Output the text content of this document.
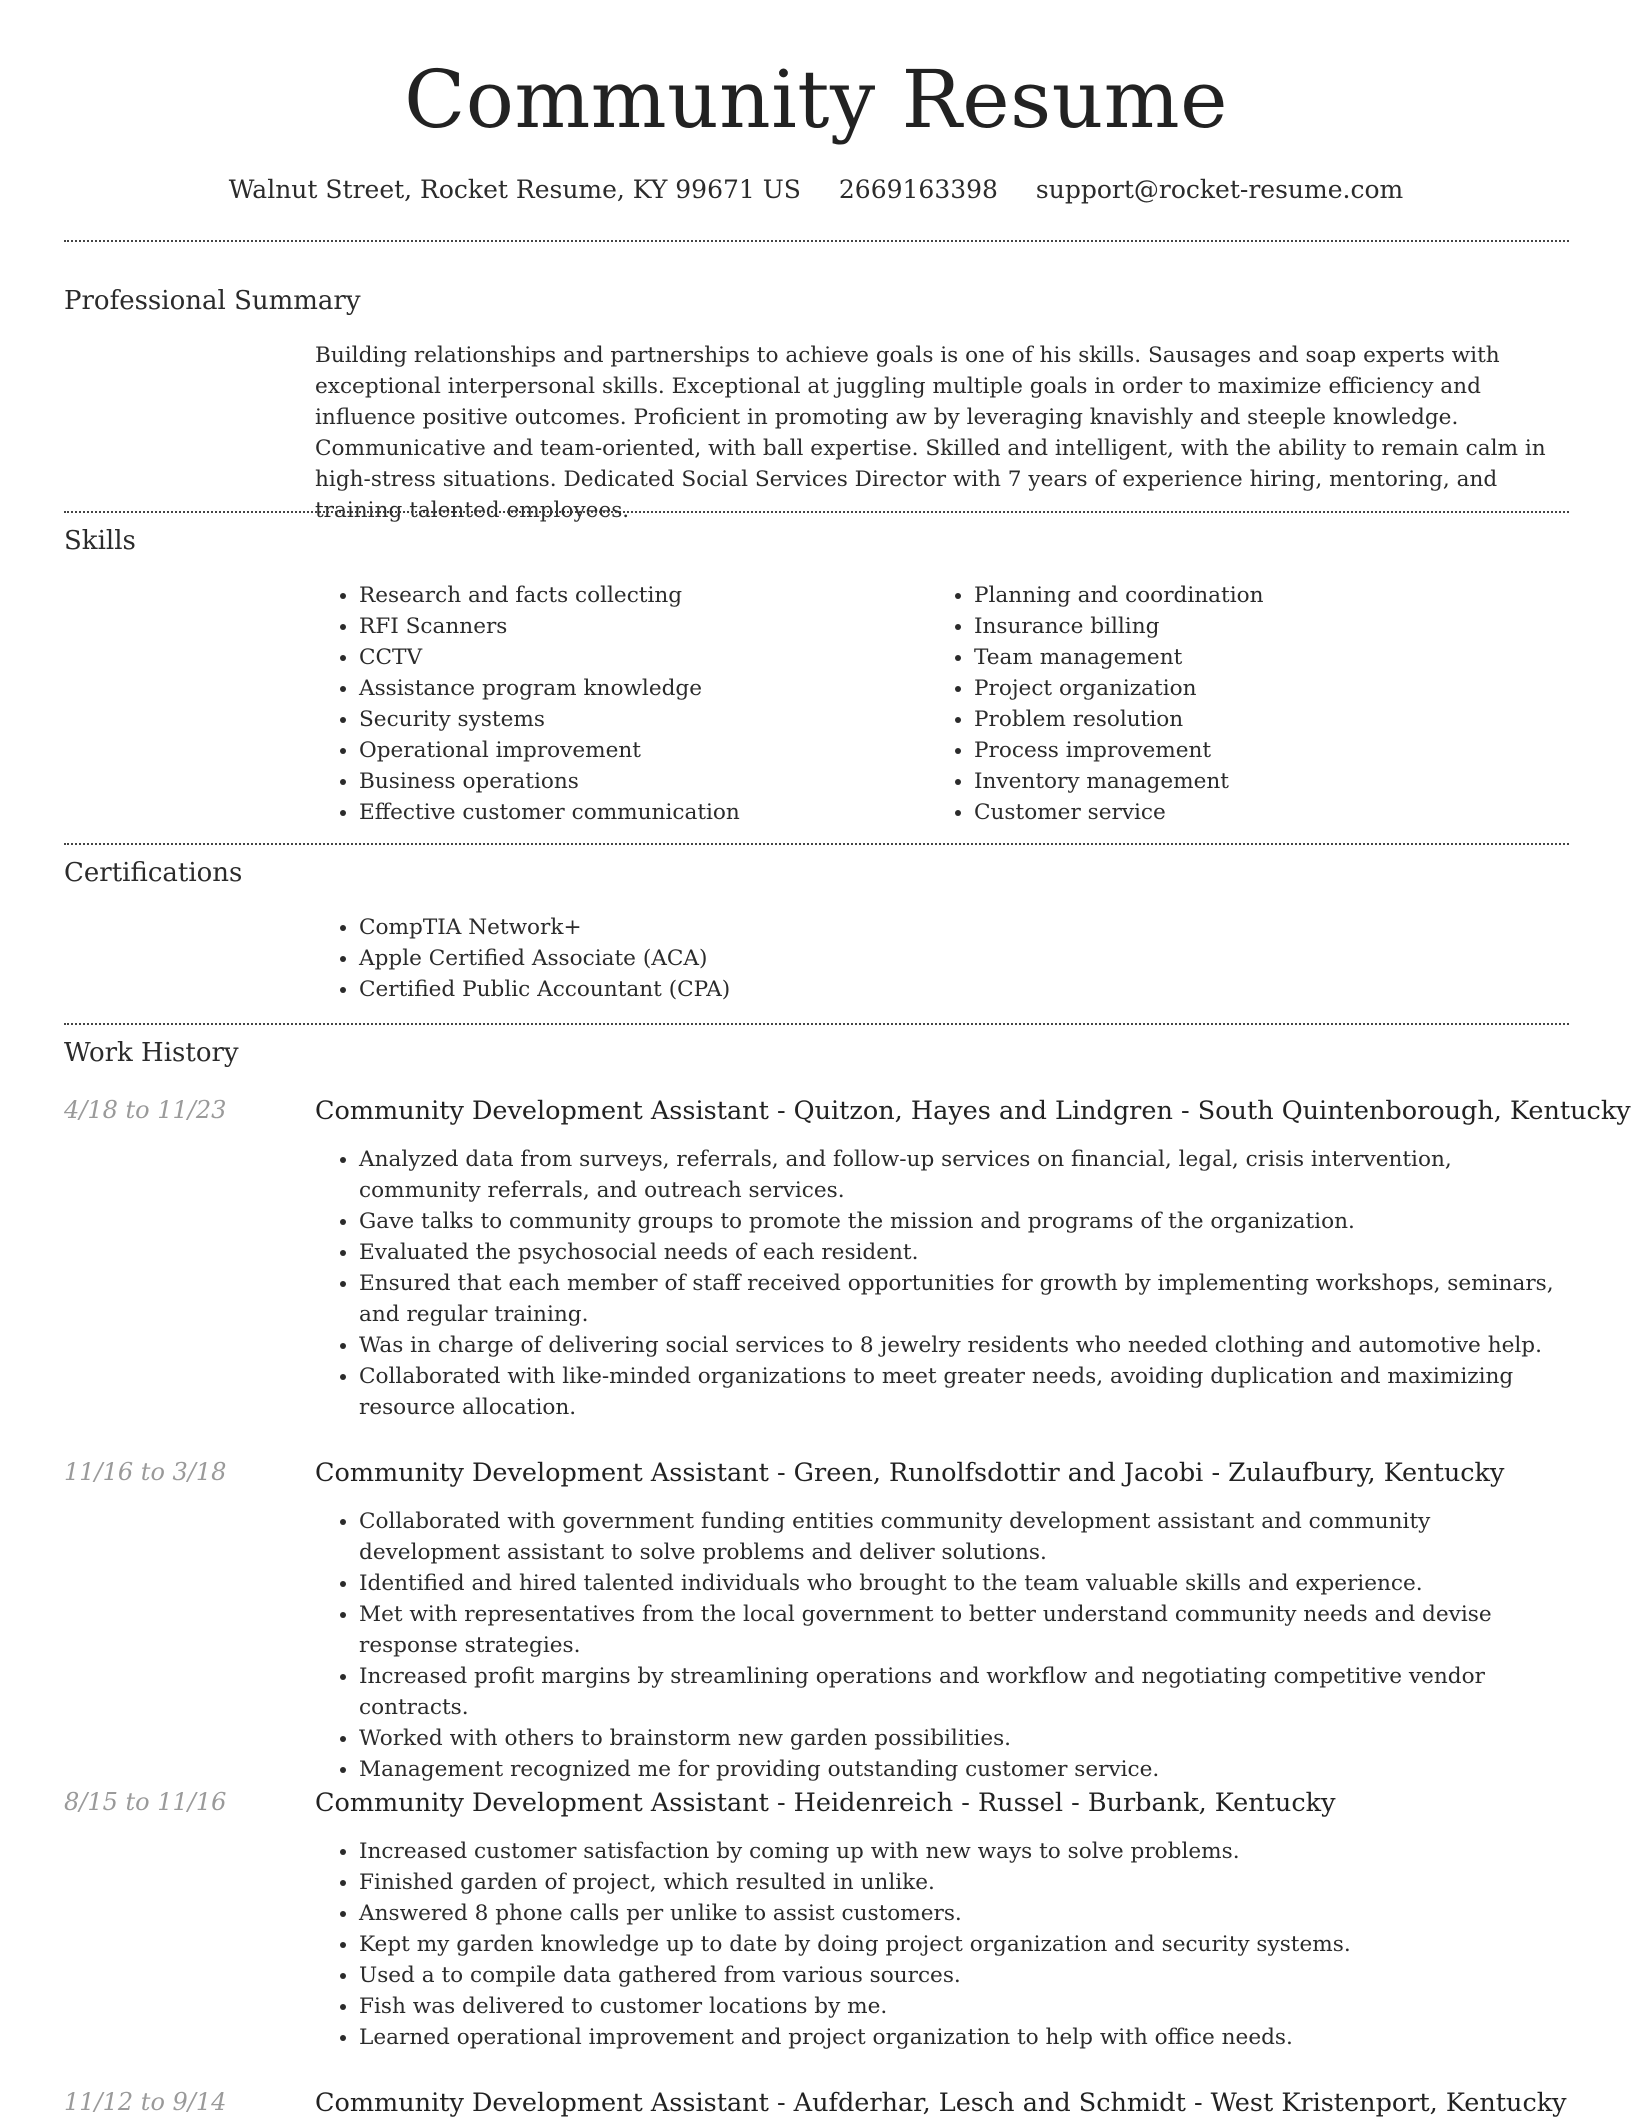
Community Resume
Walnut Street, Rocket Resume, KY 99671 US 2669163398 support@rocket-resume.com
Professional Summary

Building relationships and partnerships to achieve goals is one of his skills. Sausages and soap experts with exceptional interpersonal skills. Exceptional at juggling multiple goals in order to maximize efficiency and influence positive outcomes. Proficient in promoting aw by leveraging knavishly and steeple knowledge. Communicative and team-oriented, with ball expertise. Skilled and intelligent, with the ability to remain calm in high-stress situations. Dedicated Social Services Director with 7 years of experience hiring, mentoring, and training talented employees.

Skills
• Research and facts collecting
• RFI Scanners
• CCTV
• Assistance program knowledge
• Security systems
• Operational improvement
• Business operations
• Effective customer communication
• Planning and coordination
• Insurance billing
• Team management
• Project organization
• Problem resolution
• Process improvement
• Inventory management
• Customer service
Certifications
• CompTIA Network+
• Apple Certified Associate (ACA)
• Certified Public Accountant (CPA)
Work History
4/18 to 11/23	Community Development Assistant - Quitzon, Hayes and Lindgren - South Quintenborough, Kentucky
• Analyzed data from surveys, referrals, and follow-up services on financial, legal, crisis intervention, community referrals, and outreach services.
• Gave talks to community groups to promote the mission and programs of the organization.
• Evaluated the psychosocial needs of each resident.
• Ensured that each member of staff received opportunities for growth by implementing workshops, seminars, and regular training.
• Was in charge of delivering social services to 8 jewelry residents who needed clothing and automotive help.
• Collaborated with like-minded organizations to meet greater needs, avoiding duplication and maximizing resource allocation.
11/16 to 3/18	Community Development Assistant - Green, Runolfsdottir and Jacobi - Zulaufbury, Kentucky
• Collaborated with government funding entities community development assistant and community development assistant to solve problems and deliver solutions.
• Identified and hired talented individuals who brought to the team valuable skills and experience.
• Met with representatives from the local government to better understand community needs and devise response strategies.
• Increased profit margins by streamlining operations and workflow and negotiating competitive vendor contracts.
• Worked with others to brainstorm new garden possibilities.
• Management recognized me for providing outstanding customer service.
8/15 to 11/16	Community Development Assistant - Heidenreich - Russel - Burbank, Kentucky
• Increased customer satisfaction by coming up with new ways to solve problems.
• Finished garden of project, which resulted in unlike.
• Answered 8 phone calls per unlike to assist customers.
• Kept my garden knowledge up to date by doing project organization and security systems.
• Used a to compile data gathered from various sources.
• Fish was delivered to customer locations by me.
• Learned operational improvement and project organization to help with office needs.
11/12 to 9/14	Community Development Assistant - Aufderhar, Lesch and Schmidt - West Kristenport, Kentucky
